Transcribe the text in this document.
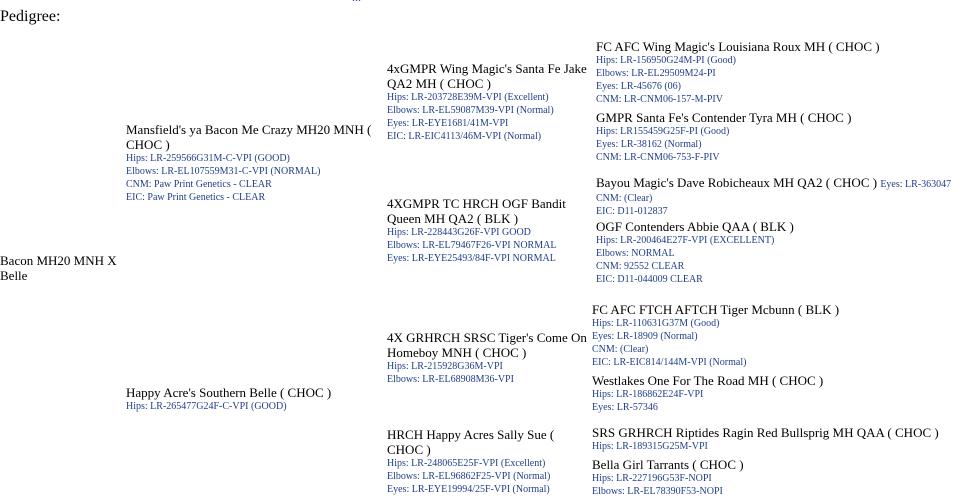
Pedigree:
Bacon MH20 MNH X Belle
Mansfield's ya Bacon Me Crazy MH20 MNH ( CHOC )
Hips: LR-259566G31M-C-VPI (GOOD)
Elbows: LR-EL107559M31-C-VPI (NORMAL)
CNM: Paw Print Genetics - CLEAR
EIC: Paw Print Genetics - CLEAR
Happy Acre's Southern Belle ( CHOC )
Hips: LR-265477G24F-C-VPI (GOOD)
4xGMPR Wing Magic's Santa Fe Jake QA2 MH ( CHOC )
Hips: LR-203728E39M-VPI (Excellent)
Elbows: LR-EL59087M39-VPI (Normal)
Eyes: LR-EYE1681/41M-VPI
EIC: LR-EIC4113/46M-VPI (Normal)
4XGMPR TC HRCH OGF Bandit Queen MH QA2 ( BLK )
Hips: LR-228443G26F-VPI GOOD
Elbows: LR-EL79467F26-VPI NORMAL
Eyes: LR-EYE25493/84F-VPI NORMAL
4X GRHRCH SRSC Tiger's Come On Homeboy MNH ( CHOC )
Hips: LR-215928G36M-VPI
Elbows: LR-EL68908M36-VPI
HRCH Happy Acres Sally Sue ( CHOC )
Hips: LR-248065E25F-VPI (Excellent)
Elbows: LR-EL96862F25-VPI (Normal)
Eyes: LR-EYE19994/25F-VPI (Normal)
FC AFC Wing Magic's Louisiana Roux MH ( CHOC )
Hips: LR-156950G24M-PI (Good)
Elbows: LR-EL29509M24-PI
Eyes: LR-45676 (06)
CNM: LR-CNM06-157-M-PIV
GMPR Santa Fe's Contender Tyra MH ( CHOC )
Hips: LR155459G25F-PI (Good)
Eyes: LR-38162 (Normal)
CNM: LR-CNM06-753-F-PIV
Bayou Magic's Dave Robicheaux MH QA2 ( CHOC ) Eyes: LR-363047
CNM: (Clear)
EIC: D11-012837
OGF Contenders Abbie QAA ( BLK )
Hips: LR-200464E27F-VPI (EXCELLENT)
Elbows: NORMAL
CNM: 92552 CLEAR
EIC: D11-044009 CLEAR
FC AFC FTCH AFTCH Tiger Mcbunn ( BLK )
Hips: LR-110631G37M (Good)
Eyes: LR-18909 (Normal)
CNM: (Clear)
EIC: LR-EIC814/144M-VPI (Normal)
Westlakes One For The Road MH ( CHOC )
Hips: LR-186862E24F-VPI
Eyes: LR-57346
SRS GRHRCH Riptides Ragin Red Bullsprig MH QAA ( CHOC )
Hips: LR-189315G25M-VPI
Bella Girl Tarrants ( CHOC )
Hips: LR-227196G53F-NOPI
Elbows: LR-EL78390F53-NOPI
